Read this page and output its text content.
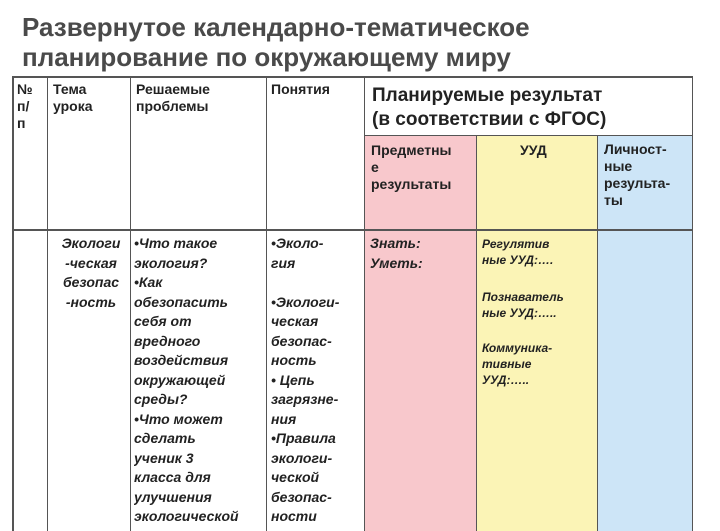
Развернутое календарно-тематическое
планирование по окружающему миру
№
п/
п
Тема
урока
Решаемые
проблемы
Понятия	Планируемые результат
(в соответствии с ФГОС)
Предметны
е
результаты
УУД	Личност-
ные
результа-
ты
Экологи
-ческая
безопас
-ность
•Что такое
экология?
•Как
обезопасить
себя от
вредного
воздействия
окружающей
среды?
•Что может
сделать
ученик 3
класса для
улучшения
экологической
•Эколо-
гия

•Экологи-
ческая
безопас-
ность
• Цепь
загрязне-
ния
•Правила
экологи-
ческой
безопас-
ности
Знать:
Уметь:
Регулятив
ные УУД:….
Познаватель
ные УУД:…..
Коммуника-
тивные
УУД:…..
